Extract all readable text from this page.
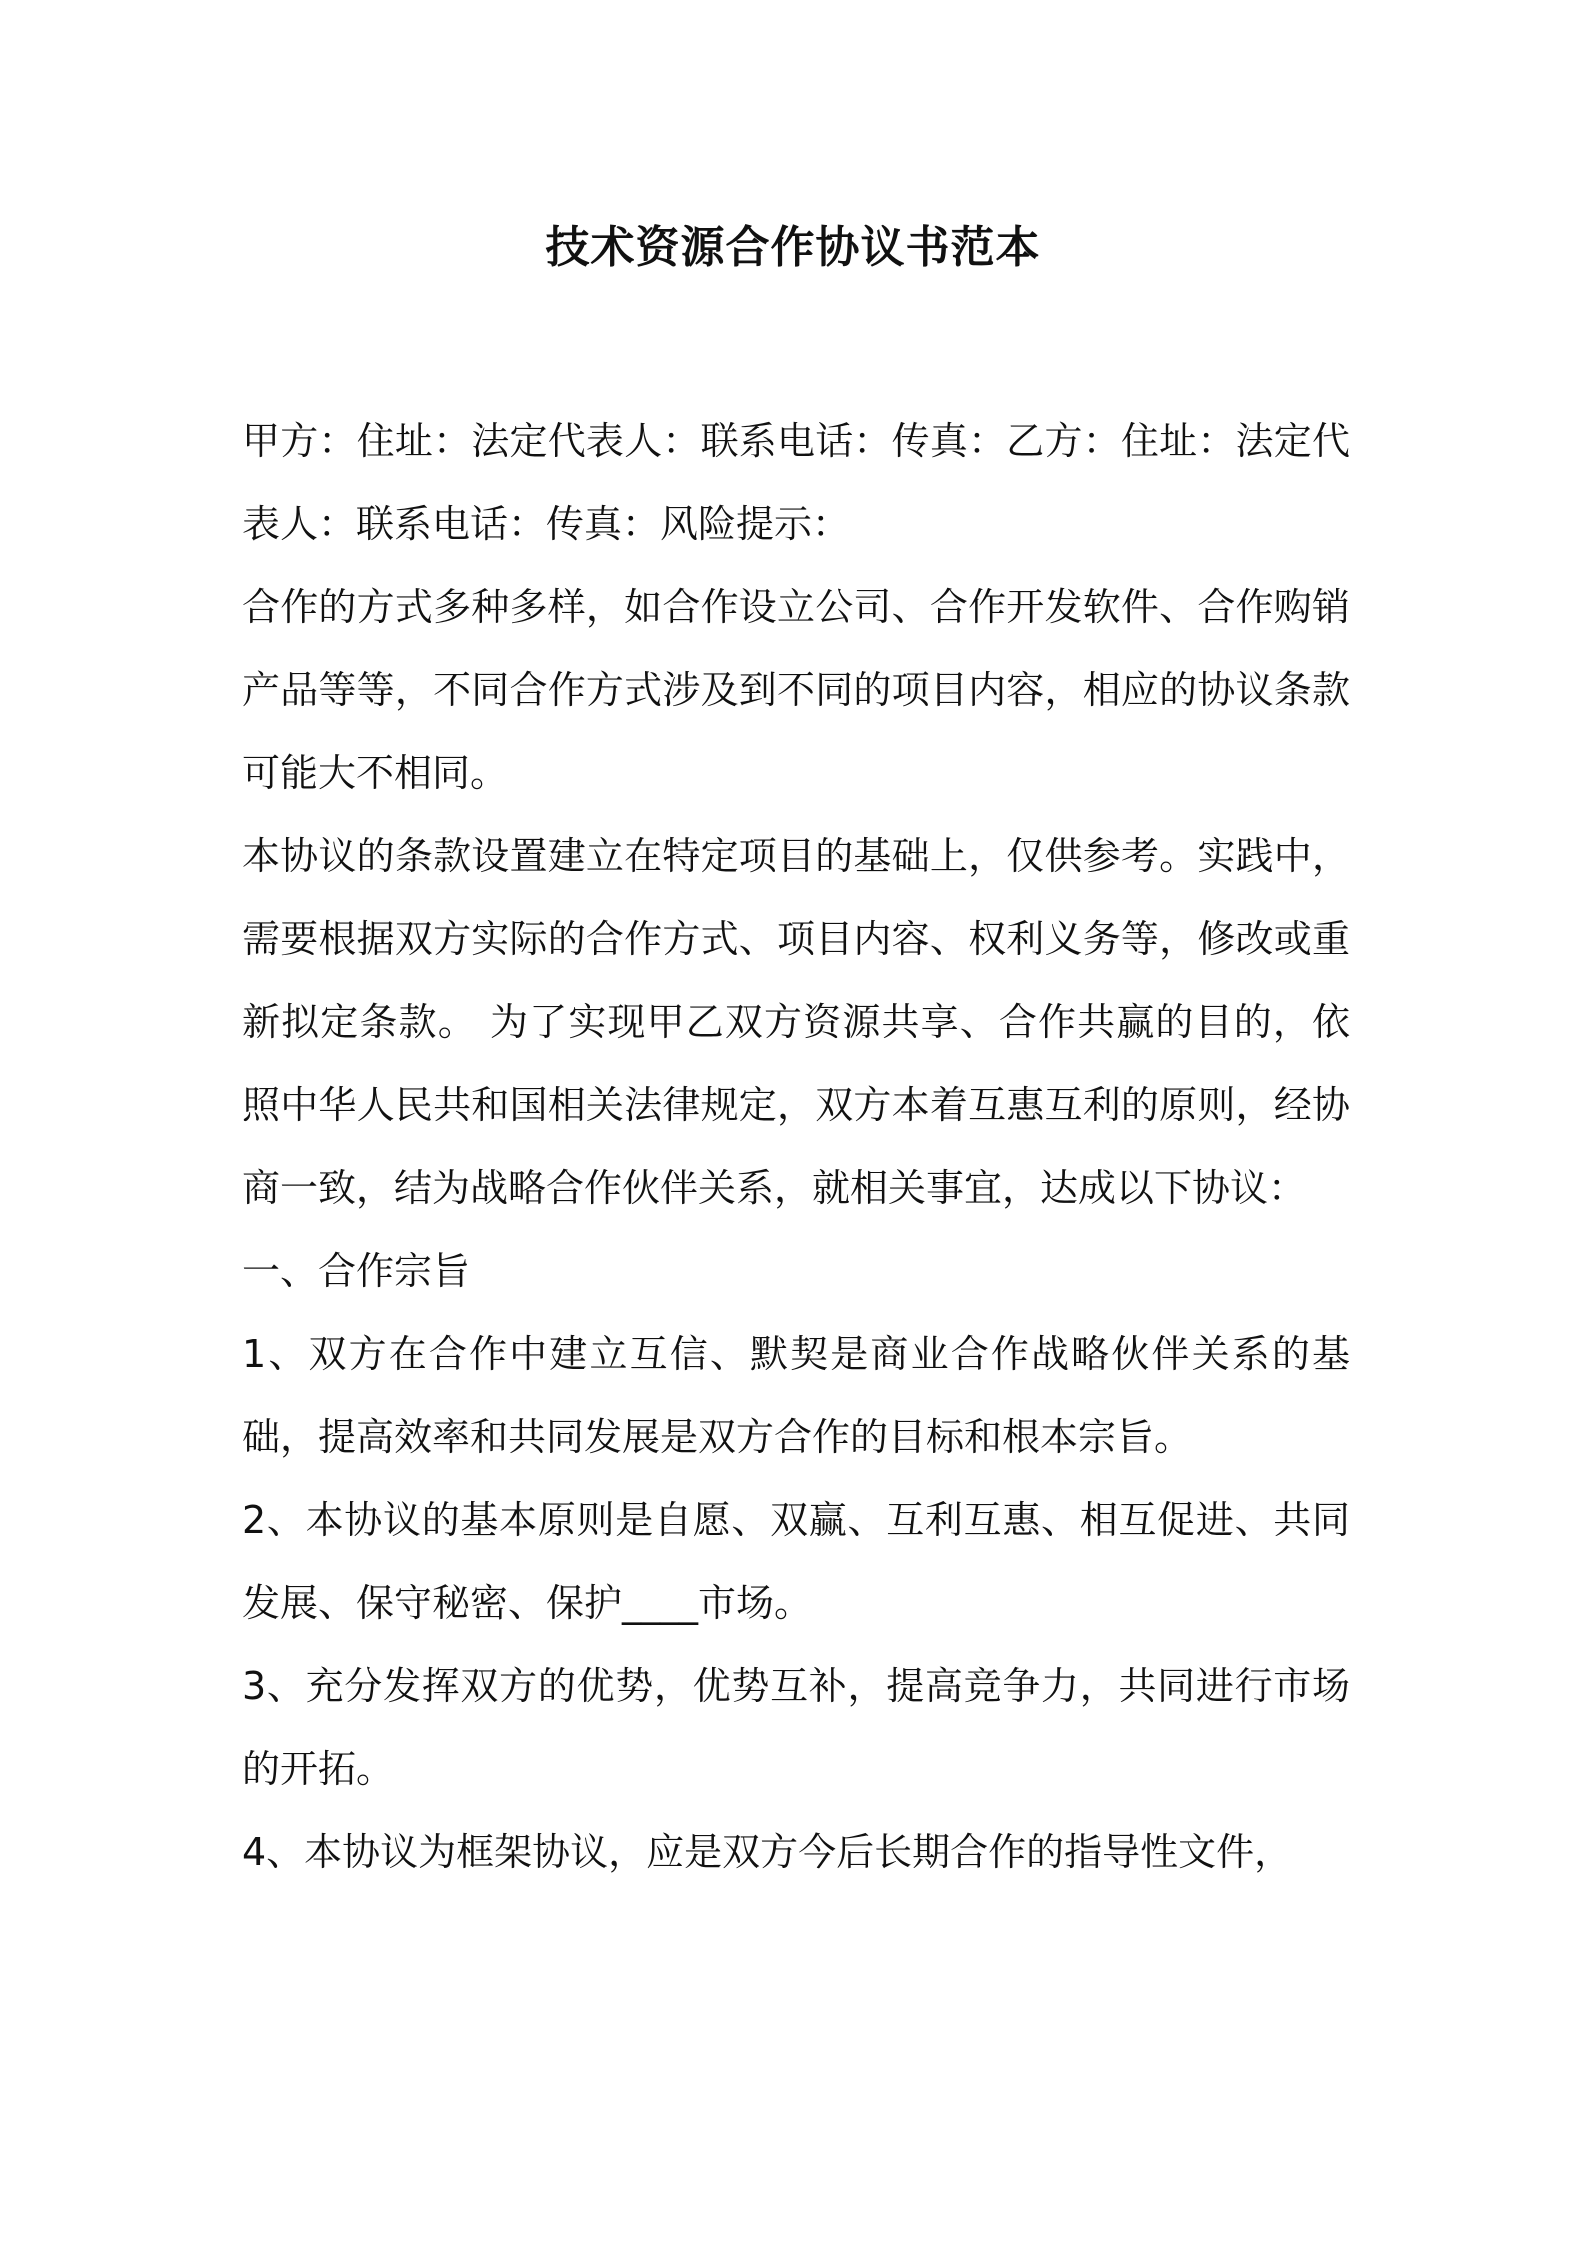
技术资源合作协议书范本

甲方：住址：法定代表人：联系电话：传真：乙方：住址：法定代表人：联系电话：传真：风险提示：

合作的方式多种多样，如合作设立公司、合作开发软件、合作购销产品等等，不同合作方式涉及到不同的项目内容，相应的协议条款可能大不相同。

本协议的条款设置建立在特定项目的基础上，仅供参考。实践中，需要根据双方实际的合作方式、项目内容、权利义务等，修改或重新拟定条款。 为了实现甲乙双方资源共享、合作共赢的目的，依照中华人民共和国相关法律规定，双方本着互惠互利的原则，经协商一致，结为战略合作伙伴关系，就相关事宜，达成以下协议：

一、合作宗旨

1、双方在合作中建立互信、默契是商业合作战略伙伴关系的基础，提高效率和共同发展是双方合作的目标和根本宗旨。

2、本协议的基本原则是自愿、双赢、互利互惠、相互促进、共同发展、保守秘密、保护____市场。

3、充分发挥双方的优势，优势互补，提高竞争力，共同进行市场的开拓。

4、本协议为框架协议，应是双方今后长期合作的指导性文件，
